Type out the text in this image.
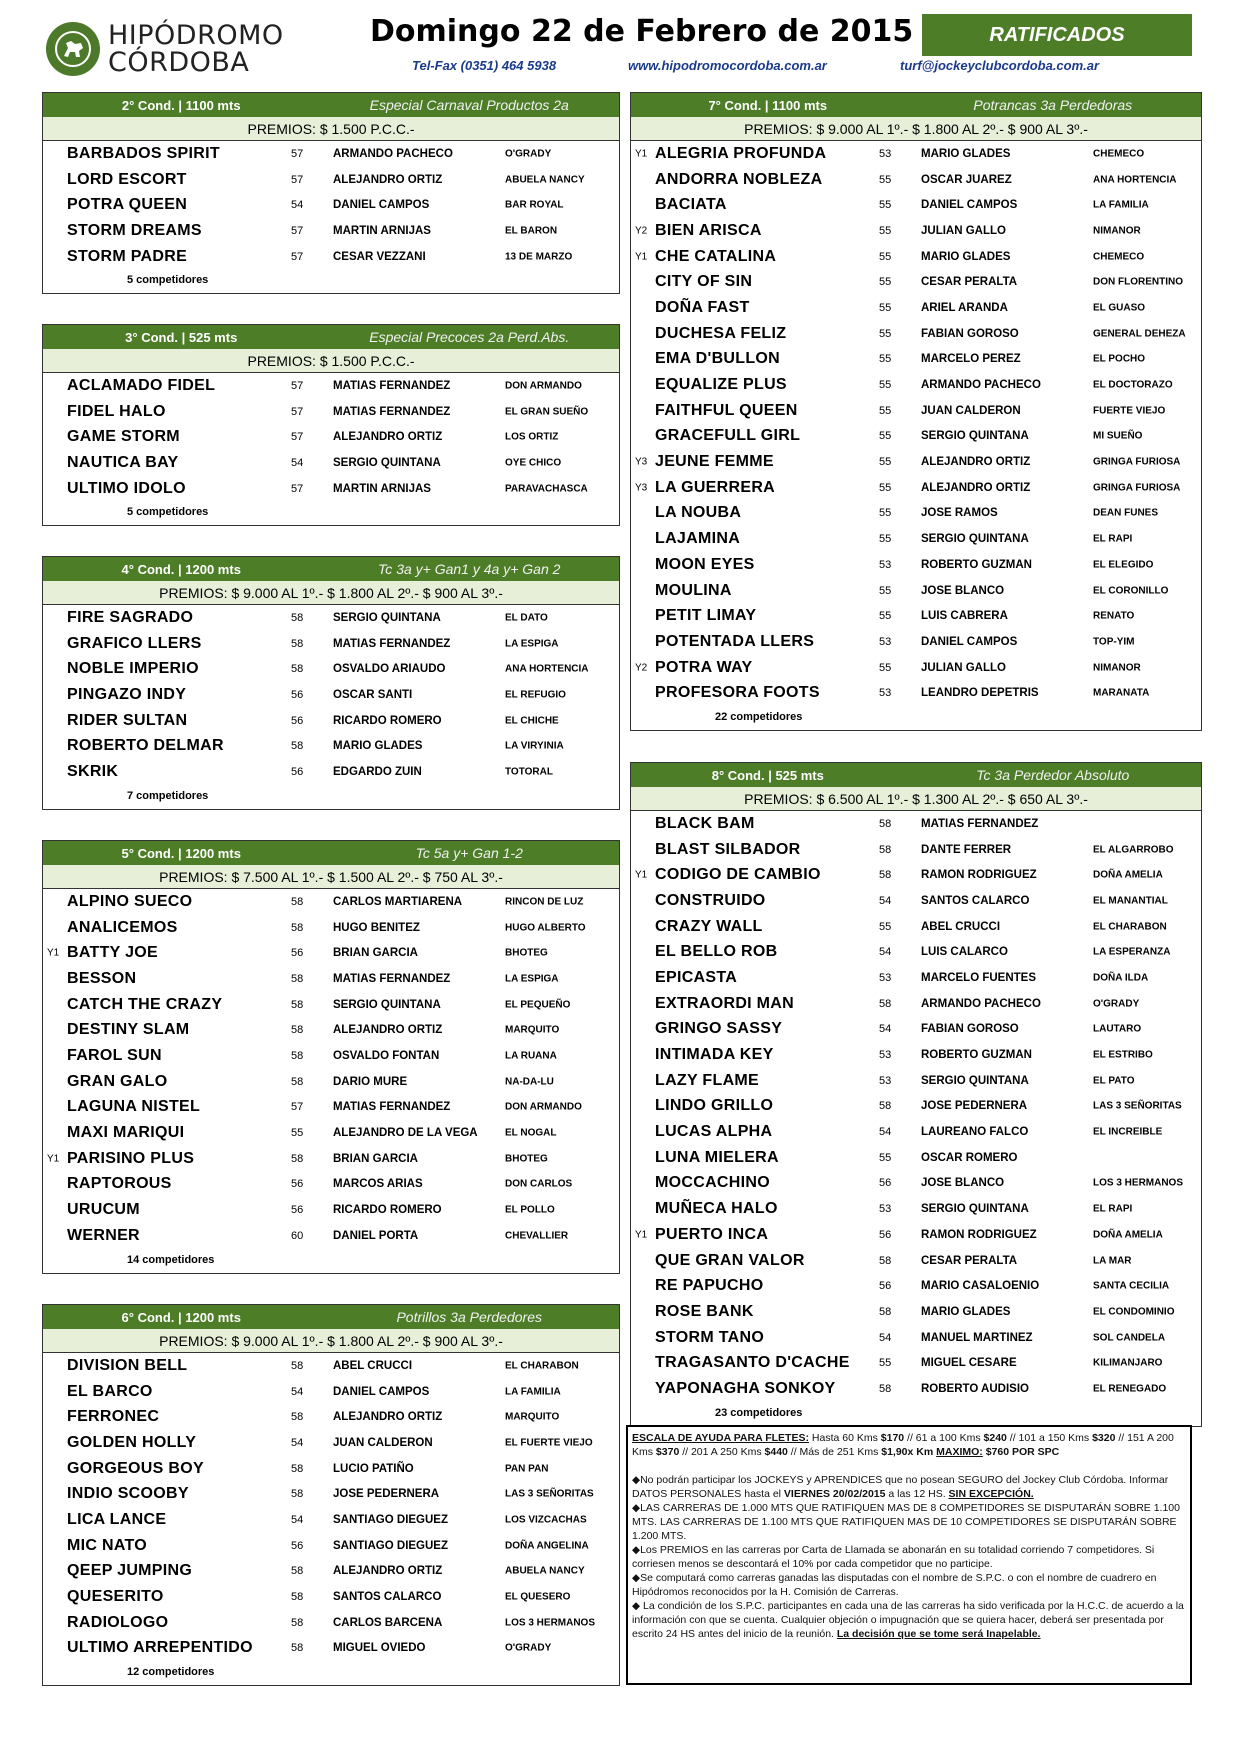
HIPÓDROMO
CÓRDOBA
Domingo 22 de Febrero de 2015	RATIFICADOS
Tel-Fax (0351) 464 5938	www.hipodromocordoba.com.ar	turf@jockeyclubcordoba.com.ar
2° Cond. | 1100 mts	Especial Carnaval Productos 2a
PREMIOS: $ 1.500 P.C.C.-
BARBADOS SPIRIT	57	ARMANDO PACHECO	O'GRADY
LORD ESCORT	57	ALEJANDRO ORTIZ	ABUELA NANCY
POTRA QUEEN	54	DANIEL CAMPOS	BAR ROYAL
STORM DREAMS	57	MARTIN ARNIJAS	EL BARON
STORM PADRE	57	CESAR VEZZANI	13 DE MARZO
5 competidores
3° Cond. | 525 mts	Especial Precoces 2a Perd.Abs.
PREMIOS: $ 1.500 P.C.C.-
ACLAMADO FIDEL	57	MATIAS FERNANDEZ	DON ARMANDO
FIDEL HALO	57	MATIAS FERNANDEZ	EL GRAN SUEÑO
GAME STORM	57	ALEJANDRO ORTIZ	LOS ORTIZ
NAUTICA BAY	54	SERGIO QUINTANA	OYE CHICO
ULTIMO IDOLO	57	MARTIN ARNIJAS	PARAVACHASCA
5 competidores
4° Cond. | 1200 mts	Tc 3a y+ Gan1 y 4a y+ Gan 2
PREMIOS: $ 9.000 AL 1º.- $ 1.800 AL 2º.- $ 900 AL 3º.-
FIRE SAGRADO	58	SERGIO QUINTANA	EL DATO
GRAFICO LLERS	58	MATIAS FERNANDEZ	LA ESPIGA
NOBLE IMPERIO	58	OSVALDO ARIAUDO	ANA HORTENCIA
PINGAZO INDY	56	OSCAR SANTI	EL REFUGIO
RIDER SULTAN	56	RICARDO ROMERO	EL CHICHE
ROBERTO DELMAR	58	MARIO GLADES	LA VIRYINIA
SKRIK	56	EDGARDO ZUIN	TOTORAL
7 competidores
5° Cond. | 1200 mts	Tc 5a y+ Gan 1-2
PREMIOS: $ 7.500 AL 1º.- $ 1.500 AL 2º.- $ 750 AL 3º.-
ALPINO SUECO	58	CARLOS MARTIARENA	RINCON DE LUZ
ANALICEMOS	58	HUGO BENITEZ	HUGO ALBERTO
Y1 BATTY JOE	56	BRIAN GARCIA	BHOTEG
BESSON	58	MATIAS FERNANDEZ	LA ESPIGA
CATCH THE CRAZY	58	SERGIO QUINTANA	EL PEQUEÑO
DESTINY SLAM	58	ALEJANDRO ORTIZ	MARQUITO
FAROL SUN	58	OSVALDO FONTAN	LA RUANA
GRAN GALO	58	DARIO MURE	NA-DA-LU
LAGUNA NISTEL	57	MATIAS FERNANDEZ	DON ARMANDO
MAXI MARIQUI	55	ALEJANDRO DE LA VEGA	EL NOGAL
Y1 PARISINO PLUS	58	BRIAN GARCIA	BHOTEG
RAPTOROUS	56	MARCOS ARIAS	DON CARLOS
URUCUM	56	RICARDO ROMERO	EL POLLO
WERNER	60	DANIEL PORTA	CHEVALLIER
14 competidores
6° Cond. | 1200 mts	Potrillos 3a Perdedores
PREMIOS: $ 9.000 AL 1º.- $ 1.800 AL 2º.- $ 900 AL 3º.-
DIVISION BELL	58	ABEL CRUCCI	EL CHARABON
EL BARCO	54	DANIEL CAMPOS	LA FAMILIA
FERRONEC	58	ALEJANDRO ORTIZ	MARQUITO
GOLDEN HOLLY	54	JUAN CALDERON	EL FUERTE VIEJO
GORGEOUS BOY	58	LUCIO PATIÑO	PAN PAN
INDIO SCOOBY	58	JOSE PEDERNERA	LAS 3 SEÑORITAS
LICA LANCE	54	SANTIAGO DIEGUEZ	LOS VIZCACHAS
MIC NATO	56	SANTIAGO DIEGUEZ	DOÑA ANGELINA
QEEP JUMPING	58	ALEJANDRO ORTIZ	ABUELA NANCY
QUESERITO	58	SANTOS CALARCO	EL QUESERO
RADIOLOGO	58	CARLOS BARCENA	LOS 3 HERMANOS
ULTIMO ARREPENTIDO	58	MIGUEL OVIEDO	O'GRADY
12 competidores
7° Cond. | 1100 mts	Potrancas 3a Perdedoras
PREMIOS: $ 9.000 AL 1º.- $ 1.800 AL 2º.- $ 900 AL 3º.-
Y1 ALEGRIA PROFUNDA	53	MARIO GLADES	CHEMECO
ANDORRA NOBLEZA	55	OSCAR JUAREZ	ANA HORTENCIA
BACIATA	55	DANIEL CAMPOS	LA FAMILIA
Y2 BIEN ARISCA	55	JULIAN GALLO	NIMANOR
Y1 CHE CATALINA	55	MARIO GLADES	CHEMECO
CITY OF SIN	55	CESAR PERALTA	DON FLORENTINO
DOÑA FAST	55	ARIEL ARANDA	EL GUASO
DUCHESA FELIZ	55	FABIAN GOROSO	GENERAL DEHEZA
EMA D'BULLON	55	MARCELO PEREZ	EL POCHO
EQUALIZE PLUS	55	ARMANDO PACHECO	EL DOCTORAZO
FAITHFUL QUEEN	55	JUAN CALDERON	FUERTE VIEJO
GRACEFULL GIRL	55	SERGIO QUINTANA	MI SUEÑO
Y3 JEUNE FEMME	55	ALEJANDRO ORTIZ	GRINGA FURIOSA
Y3 LA GUERRERA	55	ALEJANDRO ORTIZ	GRINGA FURIOSA
LA NOUBA	55	JOSE RAMOS	DEAN FUNES
LAJAMINA	55	SERGIO QUINTANA	EL RAPI
MOON EYES	53	ROBERTO GUZMAN	EL ELEGIDO
MOULINA	55	JOSE BLANCO	EL CORONILLO
PETIT LIMAY	55	LUIS CABRERA	RENATO
POTENTADA LLERS	53	DANIEL CAMPOS	TOP-YIM
Y2 POTRA WAY	55	JULIAN GALLO	NIMANOR
PROFESORA FOOTS	53	LEANDRO DEPETRIS	MARANATA
22 competidores
8° Cond. | 525 mts	Tc 3a Perdedor Absoluto
PREMIOS: $ 6.500 AL 1º.- $ 1.300 AL 2º.- $ 650 AL 3º.-
BLACK BAM	58	MATIAS FERNANDEZ
BLAST SILBADOR	58	DANTE FERRER	EL ALGARROBO
Y1 CODIGO DE CAMBIO	58	RAMON RODRIGUEZ	DOÑA AMELIA
CONSTRUIDO	54	SANTOS CALARCO	EL MANANTIAL
CRAZY WALL	55	ABEL CRUCCI	EL CHARABON
EL BELLO ROB	54	LUIS CALARCO	LA ESPERANZA
EPICASTA	53	MARCELO FUENTES	DOÑA ILDA
EXTRAORDI MAN	58	ARMANDO PACHECO	O'GRADY
GRINGO SASSY	54	FABIAN GOROSO	LAUTARO
INTIMADA KEY	53	ROBERTO GUZMAN	EL ESTRIBO
LAZY FLAME	53	SERGIO QUINTANA	EL PATO
LINDO GRILLO	58	JOSE PEDERNERA	LAS 3 SEÑORITAS
LUCAS ALPHA	54	LAUREANO FALCO	EL INCREIBLE
LUNA MIELERA	55	OSCAR ROMERO
MOCCACHINO	56	JOSE BLANCO	LOS 3 HERMANOS
MUÑECA HALO	53	SERGIO QUINTANA	EL RAPI
Y1 PUERTO INCA	56	RAMON RODRIGUEZ	DOÑA AMELIA
QUE GRAN VALOR	58	CESAR PERALTA	LA MAR
RE PAPUCHO	56	MARIO CASALOENIO	SANTA CECILIA
ROSE BANK	58	MARIO GLADES	EL CONDOMINIO
STORM TANO	54	MANUEL MARTINEZ	SOL CANDELA
TRAGASANTO D'CACHE	55	MIGUEL CESARE	KILIMANJARO
YAPONAGHA SONKOY	58	ROBERTO AUDISIO	EL RENEGADO
23 competidores

ESCALA DE AYUDA PARA FLETES: Hasta 60 Kms $170 // 61 a 100 Kms $240 // 101 a 150 Kms $320 // 151 A 200 Kms $370 // 201 A 250 Kms $440 // Más de 251 Kms $1,90x Km MAXIMO: $760 POR SPC

◆No podrán participar los JOCKEYS y APRENDICES que no posean SEGURO del Jockey Club Córdoba. Informar DATOS PERSONALES hasta el VIERNES 20/02/2015 a las 12 HS. SIN EXCEPCIÓN.

◆LAS CARRERAS DE 1.000 MTS QUE RATIFIQUEN MAS DE 8 COMPETIDORES SE DISPUTARÁN SOBRE 1.100 MTS. LAS CARRERAS DE 1.100 MTS QUE RATIFIQUEN MAS DE 10 COMPETIDORES SE DISPUTARÁN SOBRE 1.200 MTS.

◆Los PREMIOS en las carreras por Carta de Llamada se abonarán en su totalidad corriendo 7 competidores. Si corriesen menos se descontará el 10% por cada competidor que no participe.

◆Se computará como carreras ganadas las disputadas con el nombre de S.P.C. o con el nombre de cuadrero en Hipódromos reconocidos por la H. Comisión de Carreras.

◆ La condición de los S.P.C. participantes en cada una de las carreras ha sido verificada por la H.C.C. de acuerdo a la información con que se cuenta. Cualquier objeción o impugnación que se quiera hacer, deberá ser presentada por escrito 24 HS antes del inicio de la reunión. La decisión que se tome será Inapelable.
